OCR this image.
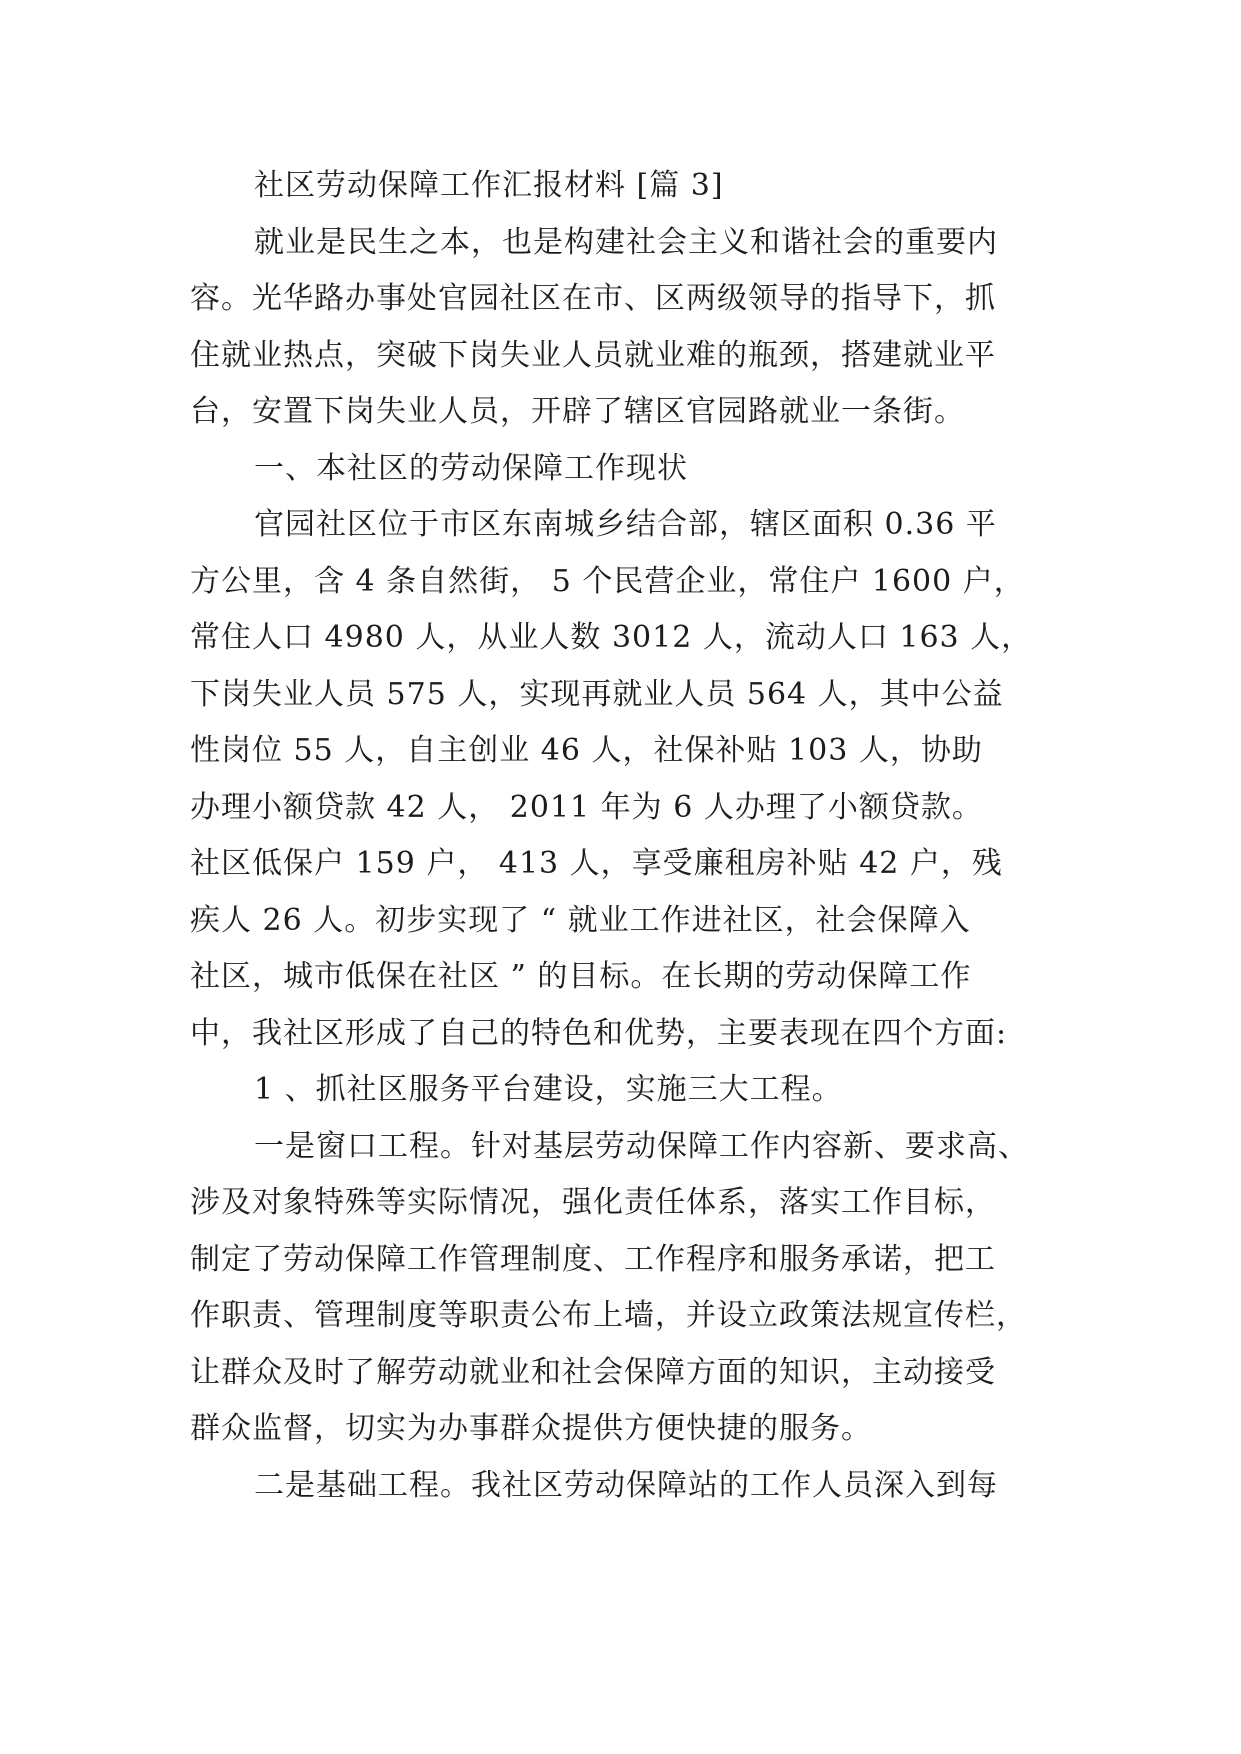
社区劳动保障工作汇报材料 [篇 3]
就业是民生之本，也是构建社会主义和谐社会的重要内
容。光华路办事处官园社区在市、区两级领导的指导下，抓
住就业热点，突破下岗失业人员就业难的瓶颈，搭建就业平
台，安置下岗失业人员，开辟了辖区官园路就业一条街。
一、本社区的劳动保障工作现状
官园社区位于市区东南城乡结合部，辖区面积 0.36 平
方公里，含 4 条自然街， 5 个民营企业，常住户 1600 户，
常住人口 4980 人，从业人数 3012 人，流动人口 163 人，
下岗失业人员 575 人，实现再就业人员 564 人，其中公益
性岗位 55 人，自主创业 46 人，社保补贴 103 人，协助
办理小额贷款 42 人， 2011 年为 6 人办理了小额贷款。
社区低保户 159 户， 413 人，享受廉租房补贴 42 户，残
疾人 26 人。初步实现了 “ 就业工作进社区，社会保障入
社区，城市低保在社区 ” 的目标。在长期的劳动保障工作
中，我社区形成了自己的特色和优势，主要表现在四个方面:
1 、抓社区服务平台建设，实施三大工程。
一是窗口工程。针对基层劳动保障工作内容新、要求高、
涉及对象特殊等实际情况，强化责任体系，落实工作目标，
制定了劳动保障工作管理制度、工作程序和服务承诺，把工
作职责、管理制度等职责公布上墙，并设立政策法规宣传栏，
让群众及时了解劳动就业和社会保障方面的知识，主动接受
群众监督，切实为办事群众提供方便快捷的服务。
二是基础工程。我社区劳动保障站的工作人员深入到每
